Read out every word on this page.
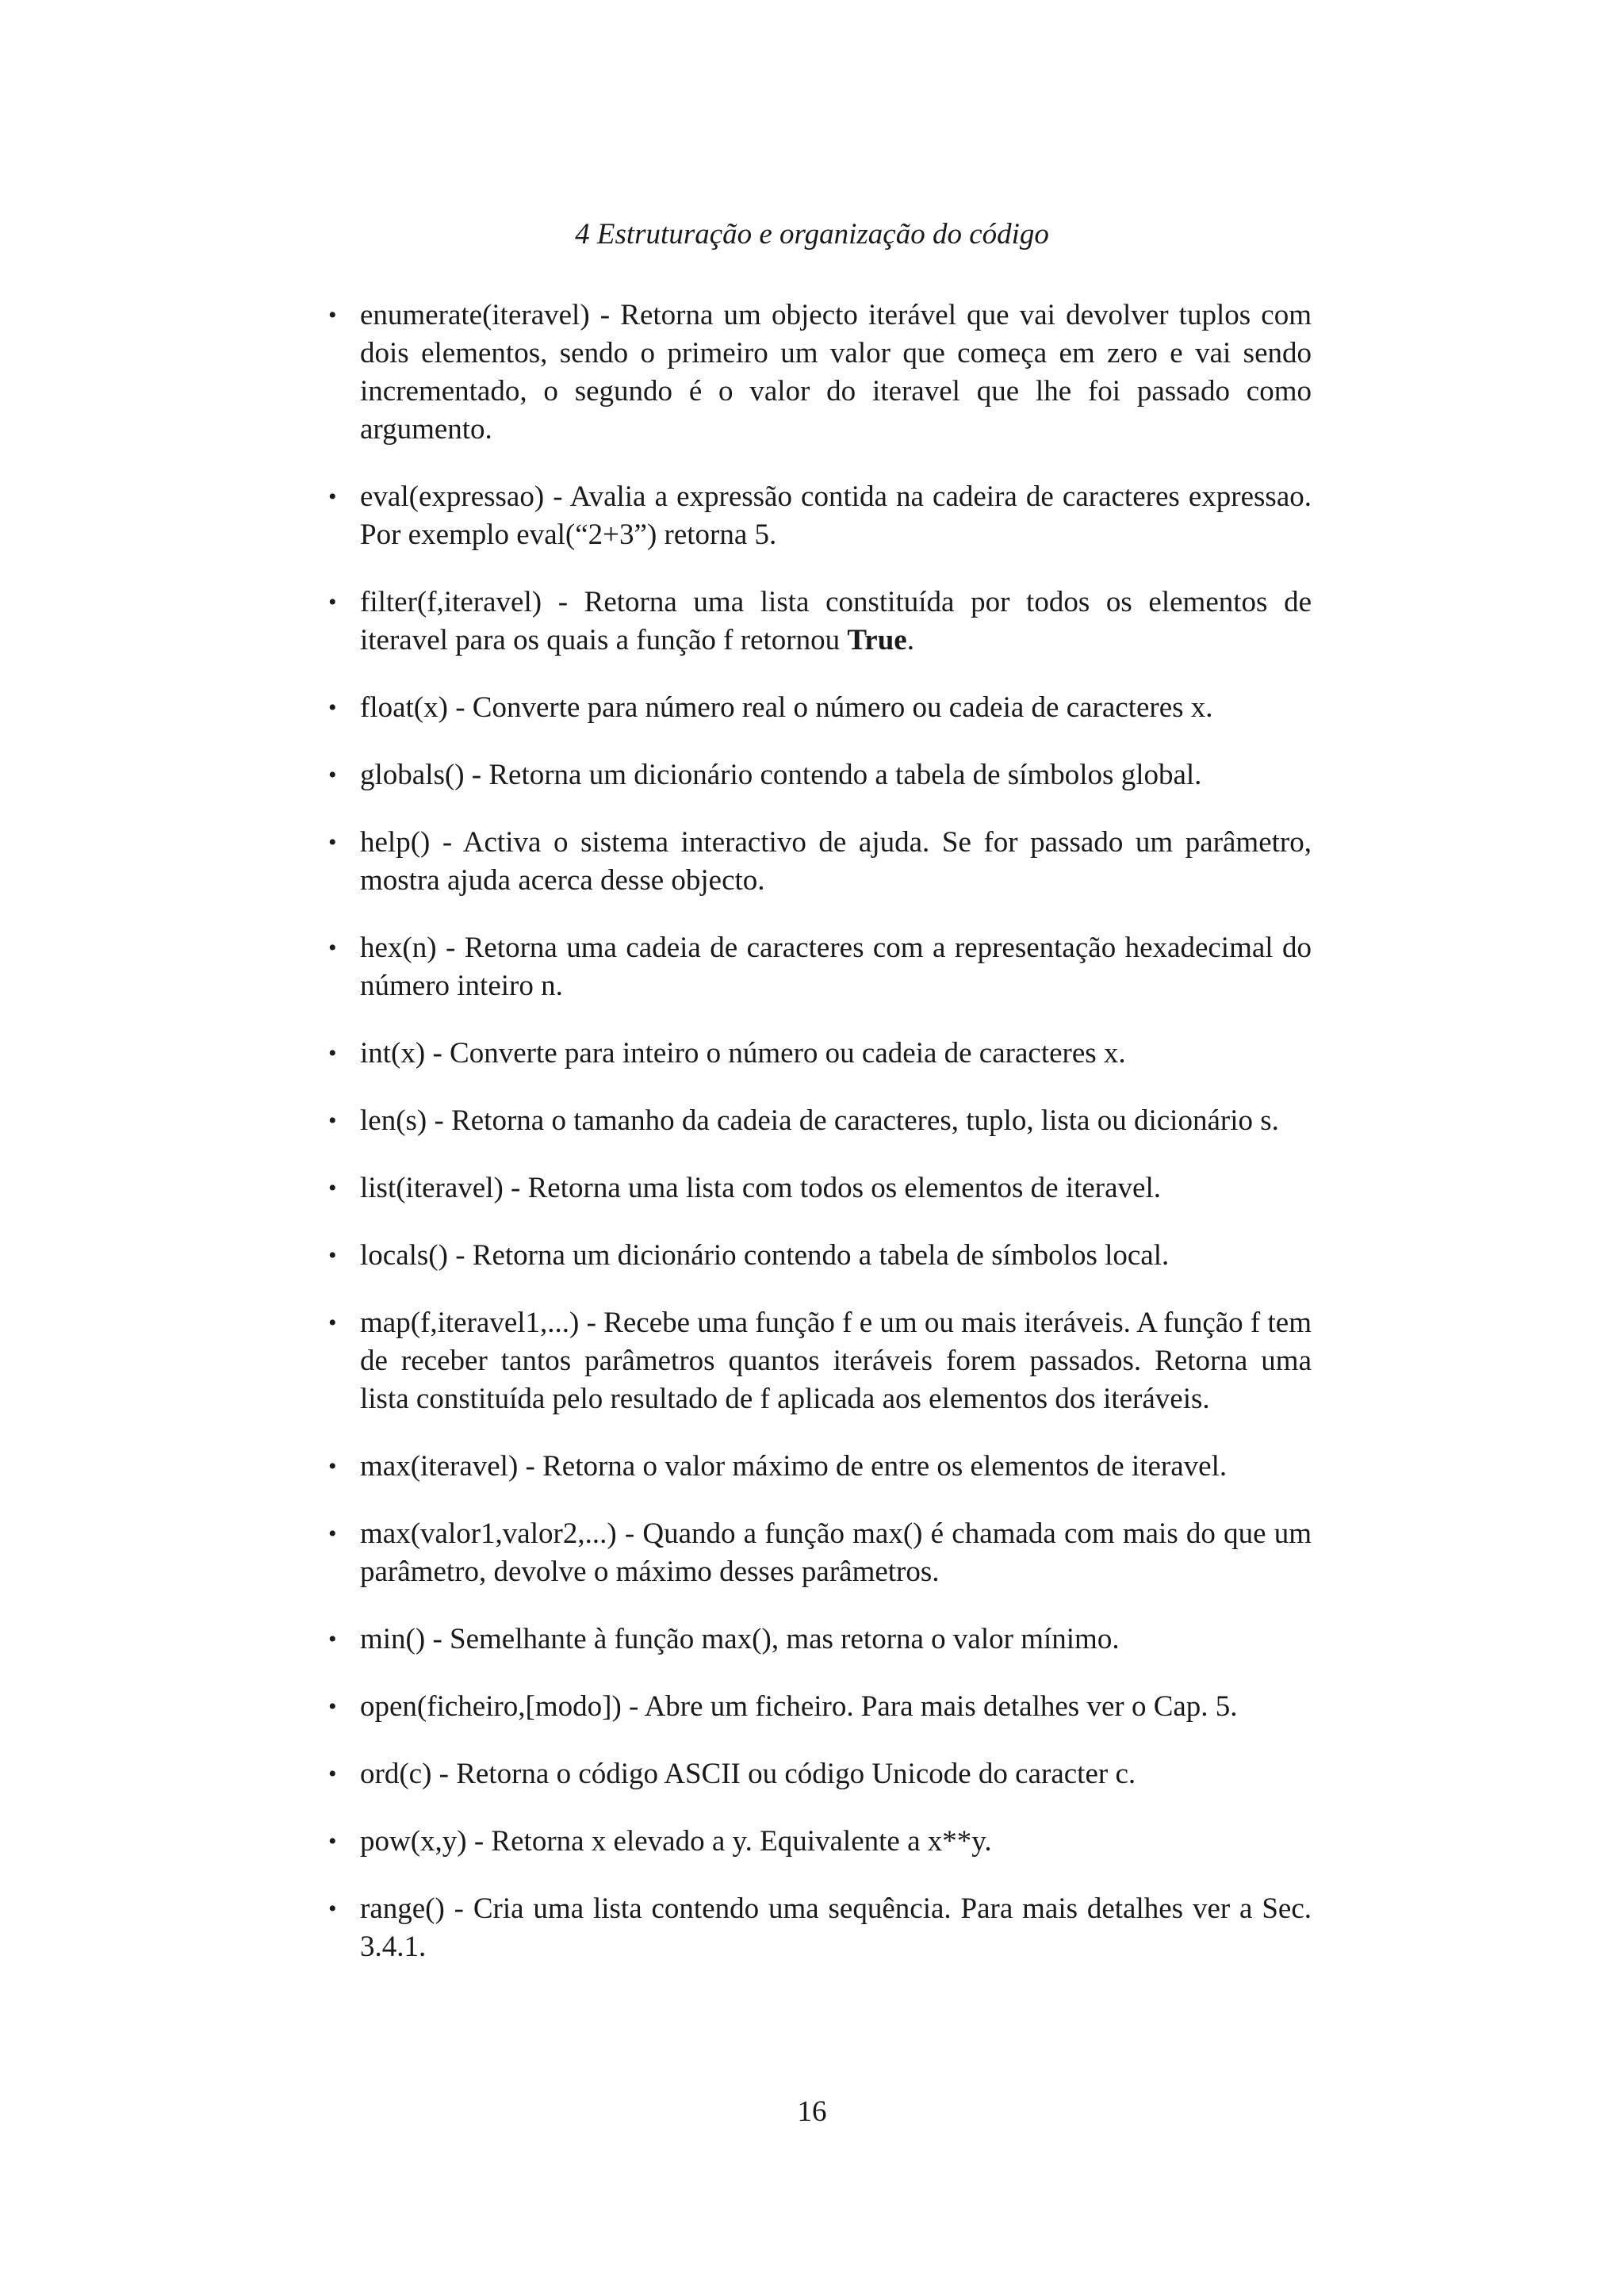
4 Estruturação e organização do código
• enumerate(iteravel) - Retorna um objecto iterável que vai devolver tuplos com dois elementos, sendo o primeiro um valor que começa em zero e vai sendo incrementado, o segundo é o valor do iteravel que lhe foi passado como argumento.
• eval(expressao) - Avalia a expressão contida na cadeira de caracteres expressao. Por exemplo eval(“2+3”) retorna 5.
• filter(f,iteravel) - Retorna uma lista constituída por todos os elementos de iteravel para os quais a função f retornou True.
• float(x) - Converte para número real o número ou cadeia de caracteres x.
• globals() - Retorna um dicionário contendo a tabela de símbolos global.
• help() - Activa o sistema interactivo de ajuda. Se for passado um parâmetro, mostra ajuda acerca desse objecto.
• hex(n) - Retorna uma cadeia de caracteres com a representação hexadecimal do número inteiro n.
• int(x) - Converte para inteiro o número ou cadeia de caracteres x.
• len(s) - Retorna o tamanho da cadeia de caracteres, tuplo, lista ou dicionário s.
• list(iteravel) - Retorna uma lista com todos os elementos de iteravel.
• locals() - Retorna um dicionário contendo a tabela de símbolos local.
• map(f,iteravel1,...) - Recebe uma função f e um ou mais iteráveis. A função f tem de receber tantos parâmetros quantos iteráveis forem passados. Retorna uma lista constituída pelo resultado de f aplicada aos elementos dos iteráveis.
• max(iteravel) - Retorna o valor máximo de entre os elementos de iteravel.
• max(valor1,valor2,...) - Quando a função max() é chamada com mais do que um parâmetro, devolve o máximo desses parâmetros.
• min() - Semelhante à função max(), mas retorna o valor mínimo.
• open(ficheiro,[modo]) - Abre um ficheiro. Para mais detalhes ver o Cap. 5.
• ord(c) - Retorna o código ASCII ou código Unicode do caracter c.
• pow(x,y) - Retorna x elevado a y. Equivalente a x**y.
• range() - Cria uma lista contendo uma sequência. Para mais detalhes ver a Sec. 3.4.1.
16
